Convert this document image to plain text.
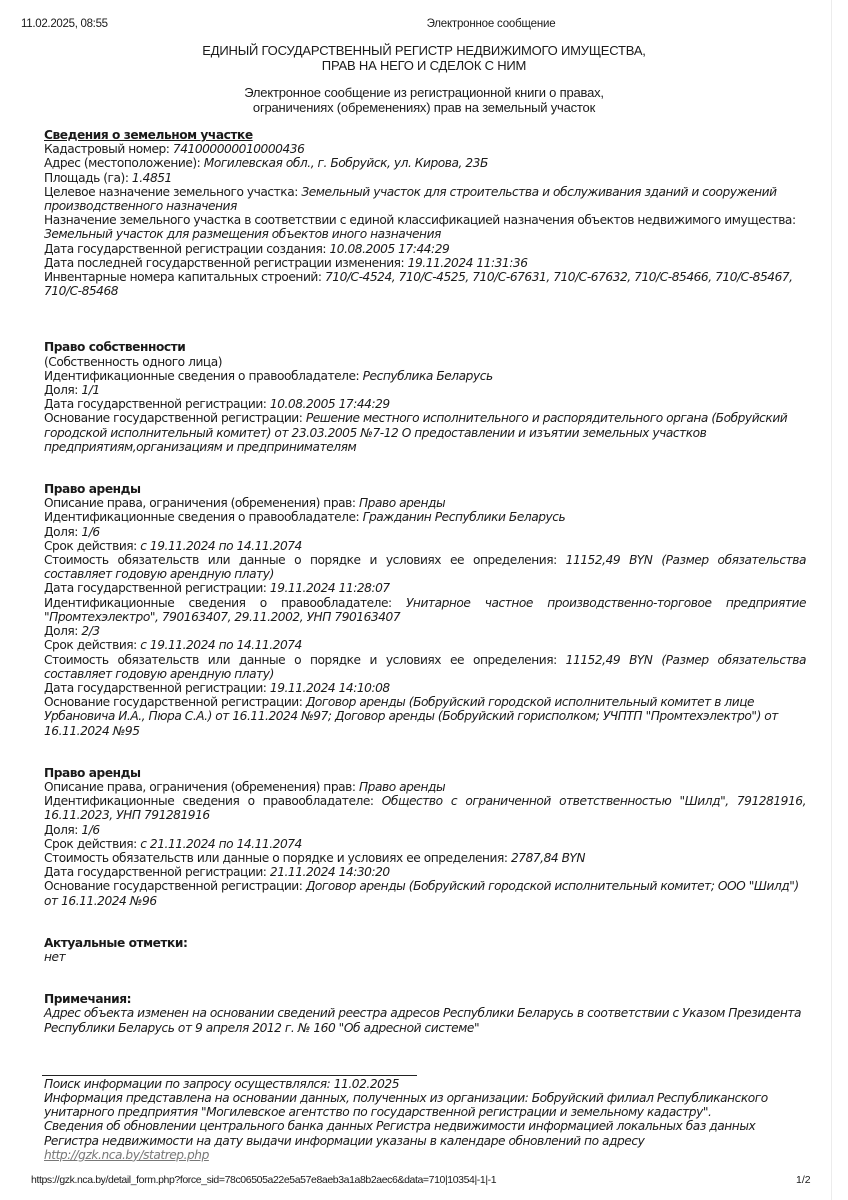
11.02.2025, 08:55	Электронное сообщение
ЕДИНЫЙ ГОСУДАРСТВЕННЫЙ РЕГИСТР НЕДВИЖИМОГО ИМУЩЕСТВА,
ПРАВ НА НЕГО И СДЕЛОК С НИМ
Электронное сообщение из регистрационной книги о правах,
ограничениях (обременениях) прав на земельный участок
Сведения о земельном участке
Кадастровый номер: 741000000010000436
Адрес (местоположение): Могилевская обл., г. Бобруйск, ул. Кирова, 23Б
Площадь (га): 1.4851
Целевое назначение земельного участка: Земельный участок для строительства и обслуживания зданий и сооружений производственного назначения
Назначение земельного участка в соответствии с единой классификацией назначения объектов недвижимого имущества: Земельный участок для размещения объектов иного назначения
Дата государственной регистрации создания: 10.08.2005 17:44:29
Дата последней государственной регистрации изменения: 19.11.2024 11:31:36
Инвентарные номера капитальных строений: 710/С-4524, 710/С-4525, 710/С-67631, 710/С-67632, 710/С-85466, 710/С-85467, 710/С-85468
Право собственности
(Собственность одного лица)
Идентификационные сведения о правообладателе: Республика Беларусь
Доля: 1/1
Дата государственной регистрации: 10.08.2005 17:44:29
Основание государственной регистрации: Решение местного исполнительного и распорядительного органа (Бобруйский городской исполнительный комитет) от 23.03.2005 №7-12 О предоставлении и изъятии земельных участков предприятиям,организациям и предпринимателям
Право аренды
Описание права, ограничения (обременения) прав: Право аренды
Идентификационные сведения о правообладателе: Гражданин Республики Беларусь
Доля: 1/6
Срок действия: с 19.11.2024 по 14.11.2074
Стоимость обязательств или данные о порядке и условиях ее определения: 11152,49 BYN (Размер обязательства составляет годовую арендную плату)
Дата государственной регистрации: 19.11.2024 11:28:07
Идентификационные сведения о правообладателе: Унитарное частное производственно-торговое предприятие "Промтехэлектро", 790163407, 29.11.2002, УНП 790163407
Доля: 2/3
Срок действия: с 19.11.2024 по 14.11.2074
Стоимость обязательств или данные о порядке и условиях ее определения: 11152,49 BYN (Размер обязательства составляет годовую арендную плату)
Дата государственной регистрации: 19.11.2024 14:10:08
Основание государственной регистрации: Договор аренды (Бобруйский городской исполнительный комитет в лице Урбановича И.А., Пюра С.А.) от 16.11.2024 №97; Договор аренды (Бобруйский горисполком; УЧПТП "Промтехэлектро") от 16.11.2024 №95
Право аренды
Описание права, ограничения (обременения) прав: Право аренды
Идентификационные сведения о правообладателе: Общество с ограниченной ответственностью "Шилд", 791281916, 16.11.2023, УНП 791281916
Доля: 1/6
Срок действия: с 21.11.2024 по 14.11.2074
Стоимость обязательств или данные о порядке и условиях ее определения: 2787,84 BYN
Дата государственной регистрации: 21.11.2024 14:30:20
Основание государственной регистрации: Договор аренды (Бобруйский городской исполнительный комитет; ООО "Шилд") от 16.11.2024 №96
Актуальные отметки:
нет
Примечания:
Адрес объекта изменен на основании сведений реестра адресов Республики Беларусь в соответствии с Указом Президента Республики Беларусь от 9 апреля 2012 г. № 160 "Об адресной системе"
Поиск информации по запросу осуществлялся: 11.02.2025
Информация представлена на основании данных, полученных из организации: Бобруйский филиал Республиканского унитарного предприятия "Могилевское агентство по государственной регистрации и земельному кадастру".
Сведения об обновлении центрального банка данных Регистра недвижимости информацией локальных баз данных Регистра недвижимости на дату выдачи информации указаны в календаре обновлений по адресу
http://gzk.nca.by/statrep.php
https://gzk.nca.by/detail_form.php?force_sid=78c06505a22e5a57e8aeb3a1a8b2aec6&data=710|10354|-1|-1	1/2
